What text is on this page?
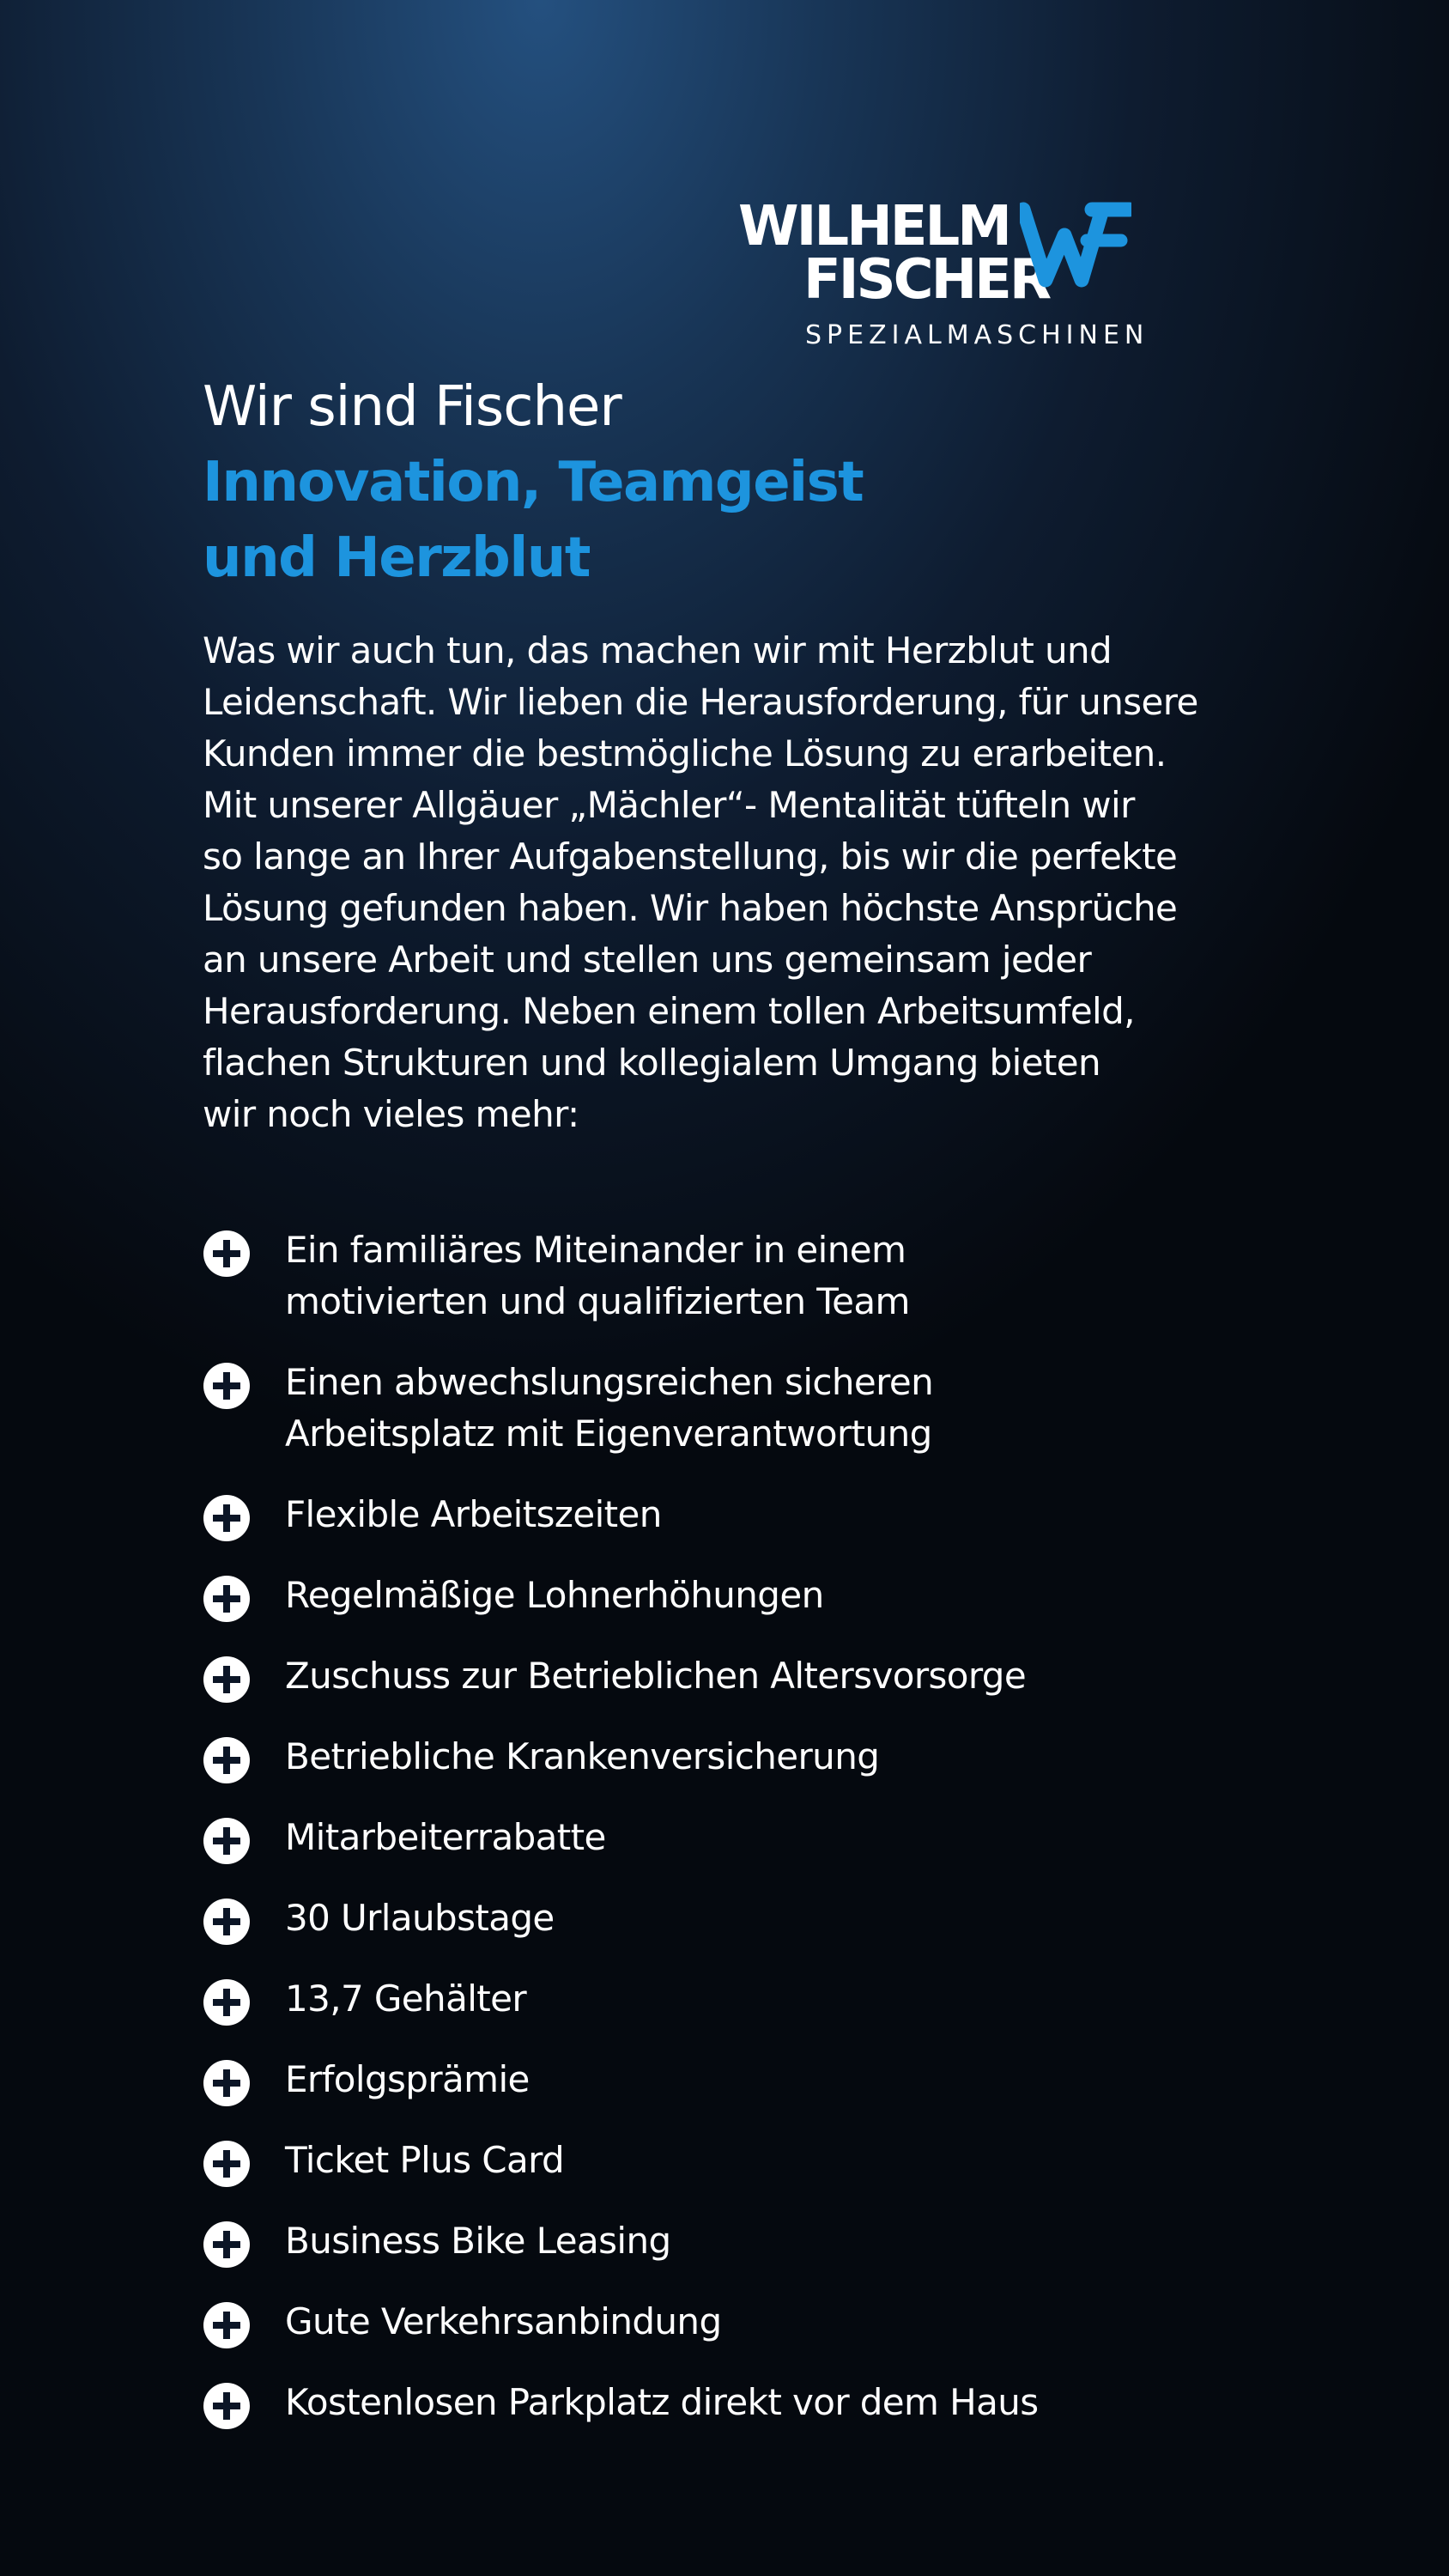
WILHELM
FISCHER
SPEZIALMASCHINEN
Wir sind Fischer
Innovation, Teamgeist
und Herzblut

Was wir auch tun, das machen wir mit Herzblut und
Leidenschaft. Wir lieben die Herausforderung, für unsere
Kunden immer die bestmögliche Lösung zu erarbeiten.
Mit unserer Allgäuer „Mächler“- Mentalität tüfteln wir
so lange an Ihrer Aufgabenstellung, bis wir die perfekte
Lösung gefunden haben. Wir haben höchste Ansprüche
an unsere Arbeit und stellen uns gemeinsam jeder
Herausforderung. Neben einem tollen Arbeitsumfeld,
flachen Strukturen und kollegialem Umgang bieten
wir noch vieles mehr:

Ein familiäres Miteinander in einem
motivierten und qualifizierten Team
Einen abwechslungsreichen sicheren
Arbeitsplatz mit Eigenverantwortung
Flexible Arbeitszeiten
Regelmäßige Lohnerhöhungen
Zuschuss zur Betrieblichen Altersvorsorge
Betriebliche Krankenversicherung
Mitarbeiterrabatte
30 Urlaubstage
13,7 Gehälter
Erfolgsprämie
Ticket Plus Card
Business Bike Leasing
Gute Verkehrsanbindung
Kostenlosen Parkplatz direkt vor dem Haus
